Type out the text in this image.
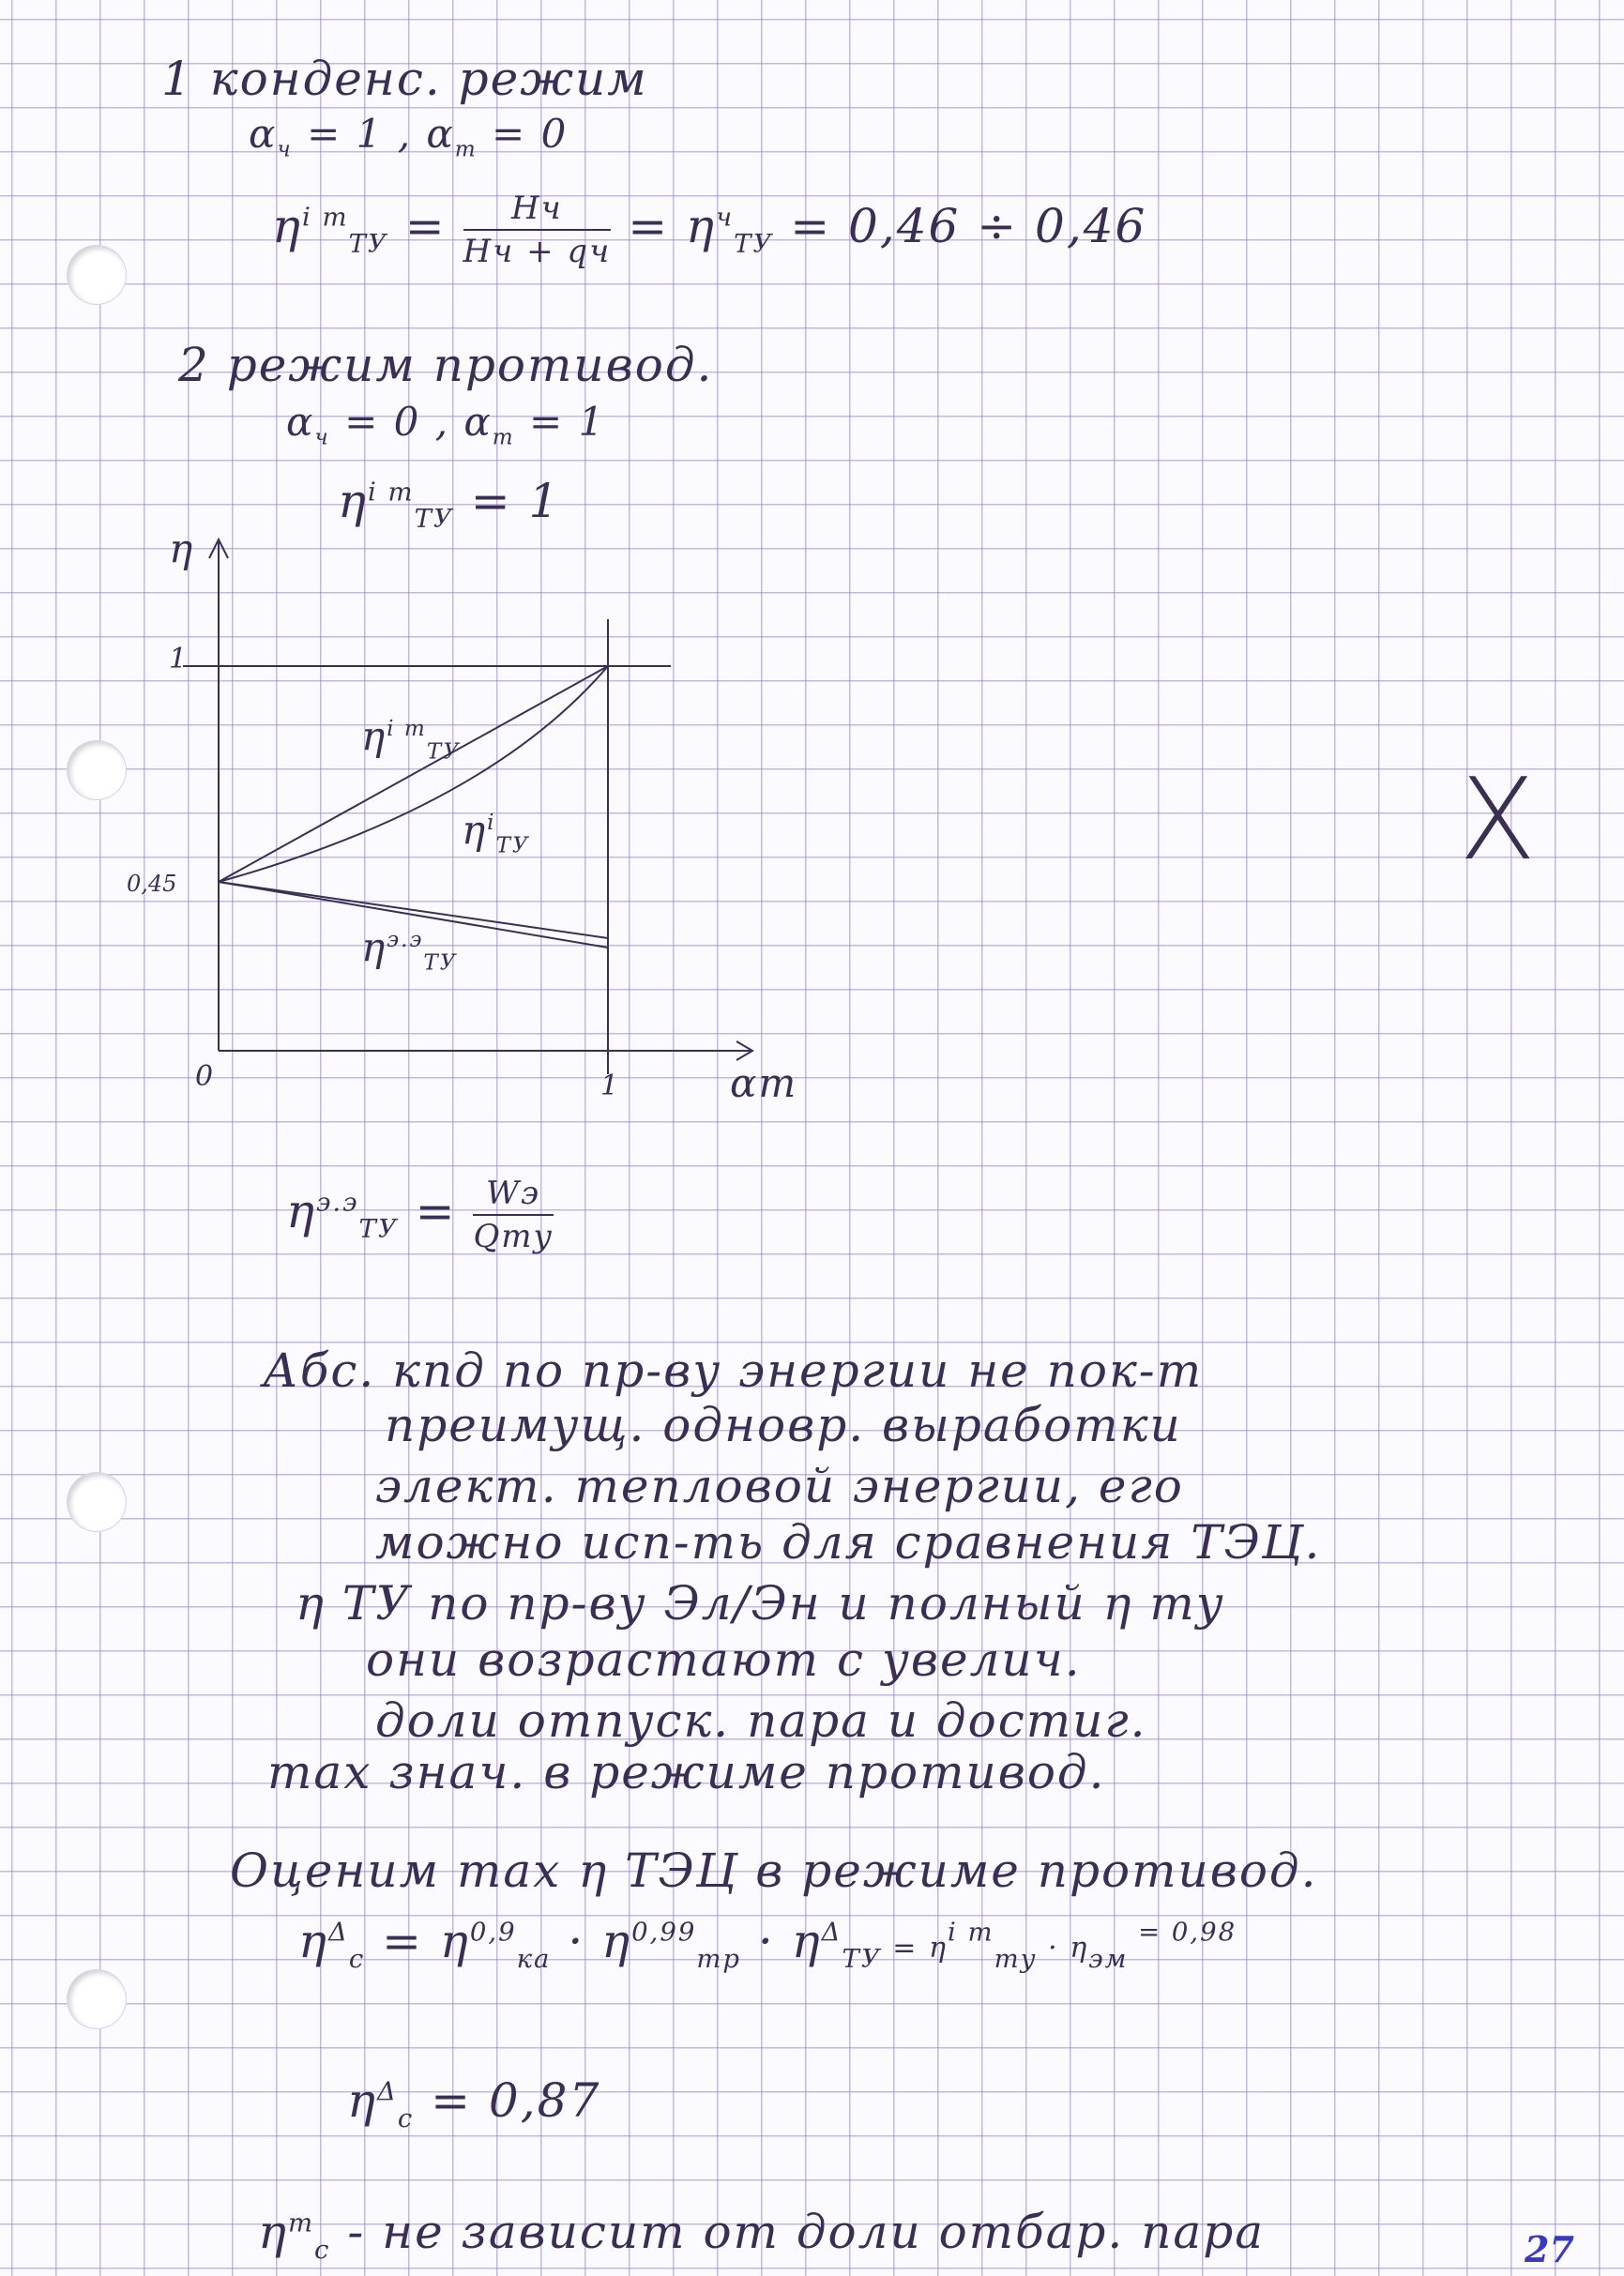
1 конденс. режим
$\alpha_ч = 1$ , $\alpha_т = 0$
$\eta^{i т}_{ТУ}$ =	Hч
Hч + qч = $\eta^ч_{ТУ} = 0,46 \div 0,46$
2 режим противод.
$\alpha_ч = 0$ , $\alpha_т = 1$
$\eta^{i т}_{ТУ} = 1$
η
1
0,45
0	1	αт
$\eta^{i т}_{ТУ}$
$\eta^i_{ТУ}$
$\eta^{э.э}_{ТУ}$
$\eta^{э.э}_{ТУ}$ = Wэ
Qтy
Абс. кпд по пр-ву энергии не пок-т
преимущ. одновр. выработки
элект. тепловой энергии, его
можно исп-ть для сравнения ТЭЦ.
η ТУ по пр-ву Эл/Эн и полный η ту
они возрастают с увелич.
доли отпуск. пара и достиг.
max знач. в режиме противод.
Оценим max η ТЭЦ в режиме противод.
$\eta^\Delta_с = \eta^{0,9}_{ка} \cdot \eta^{0,99}_{тр} \cdot \eta^\Delta_{ТУ} = \eta^{i т}_{ту} \cdot \eta_{эм}$ $^{= 0,98}$
$\eta^\Delta_с = 0,87$
$\eta^т_с$ - не зависит от доли отбар. пара
X
27
